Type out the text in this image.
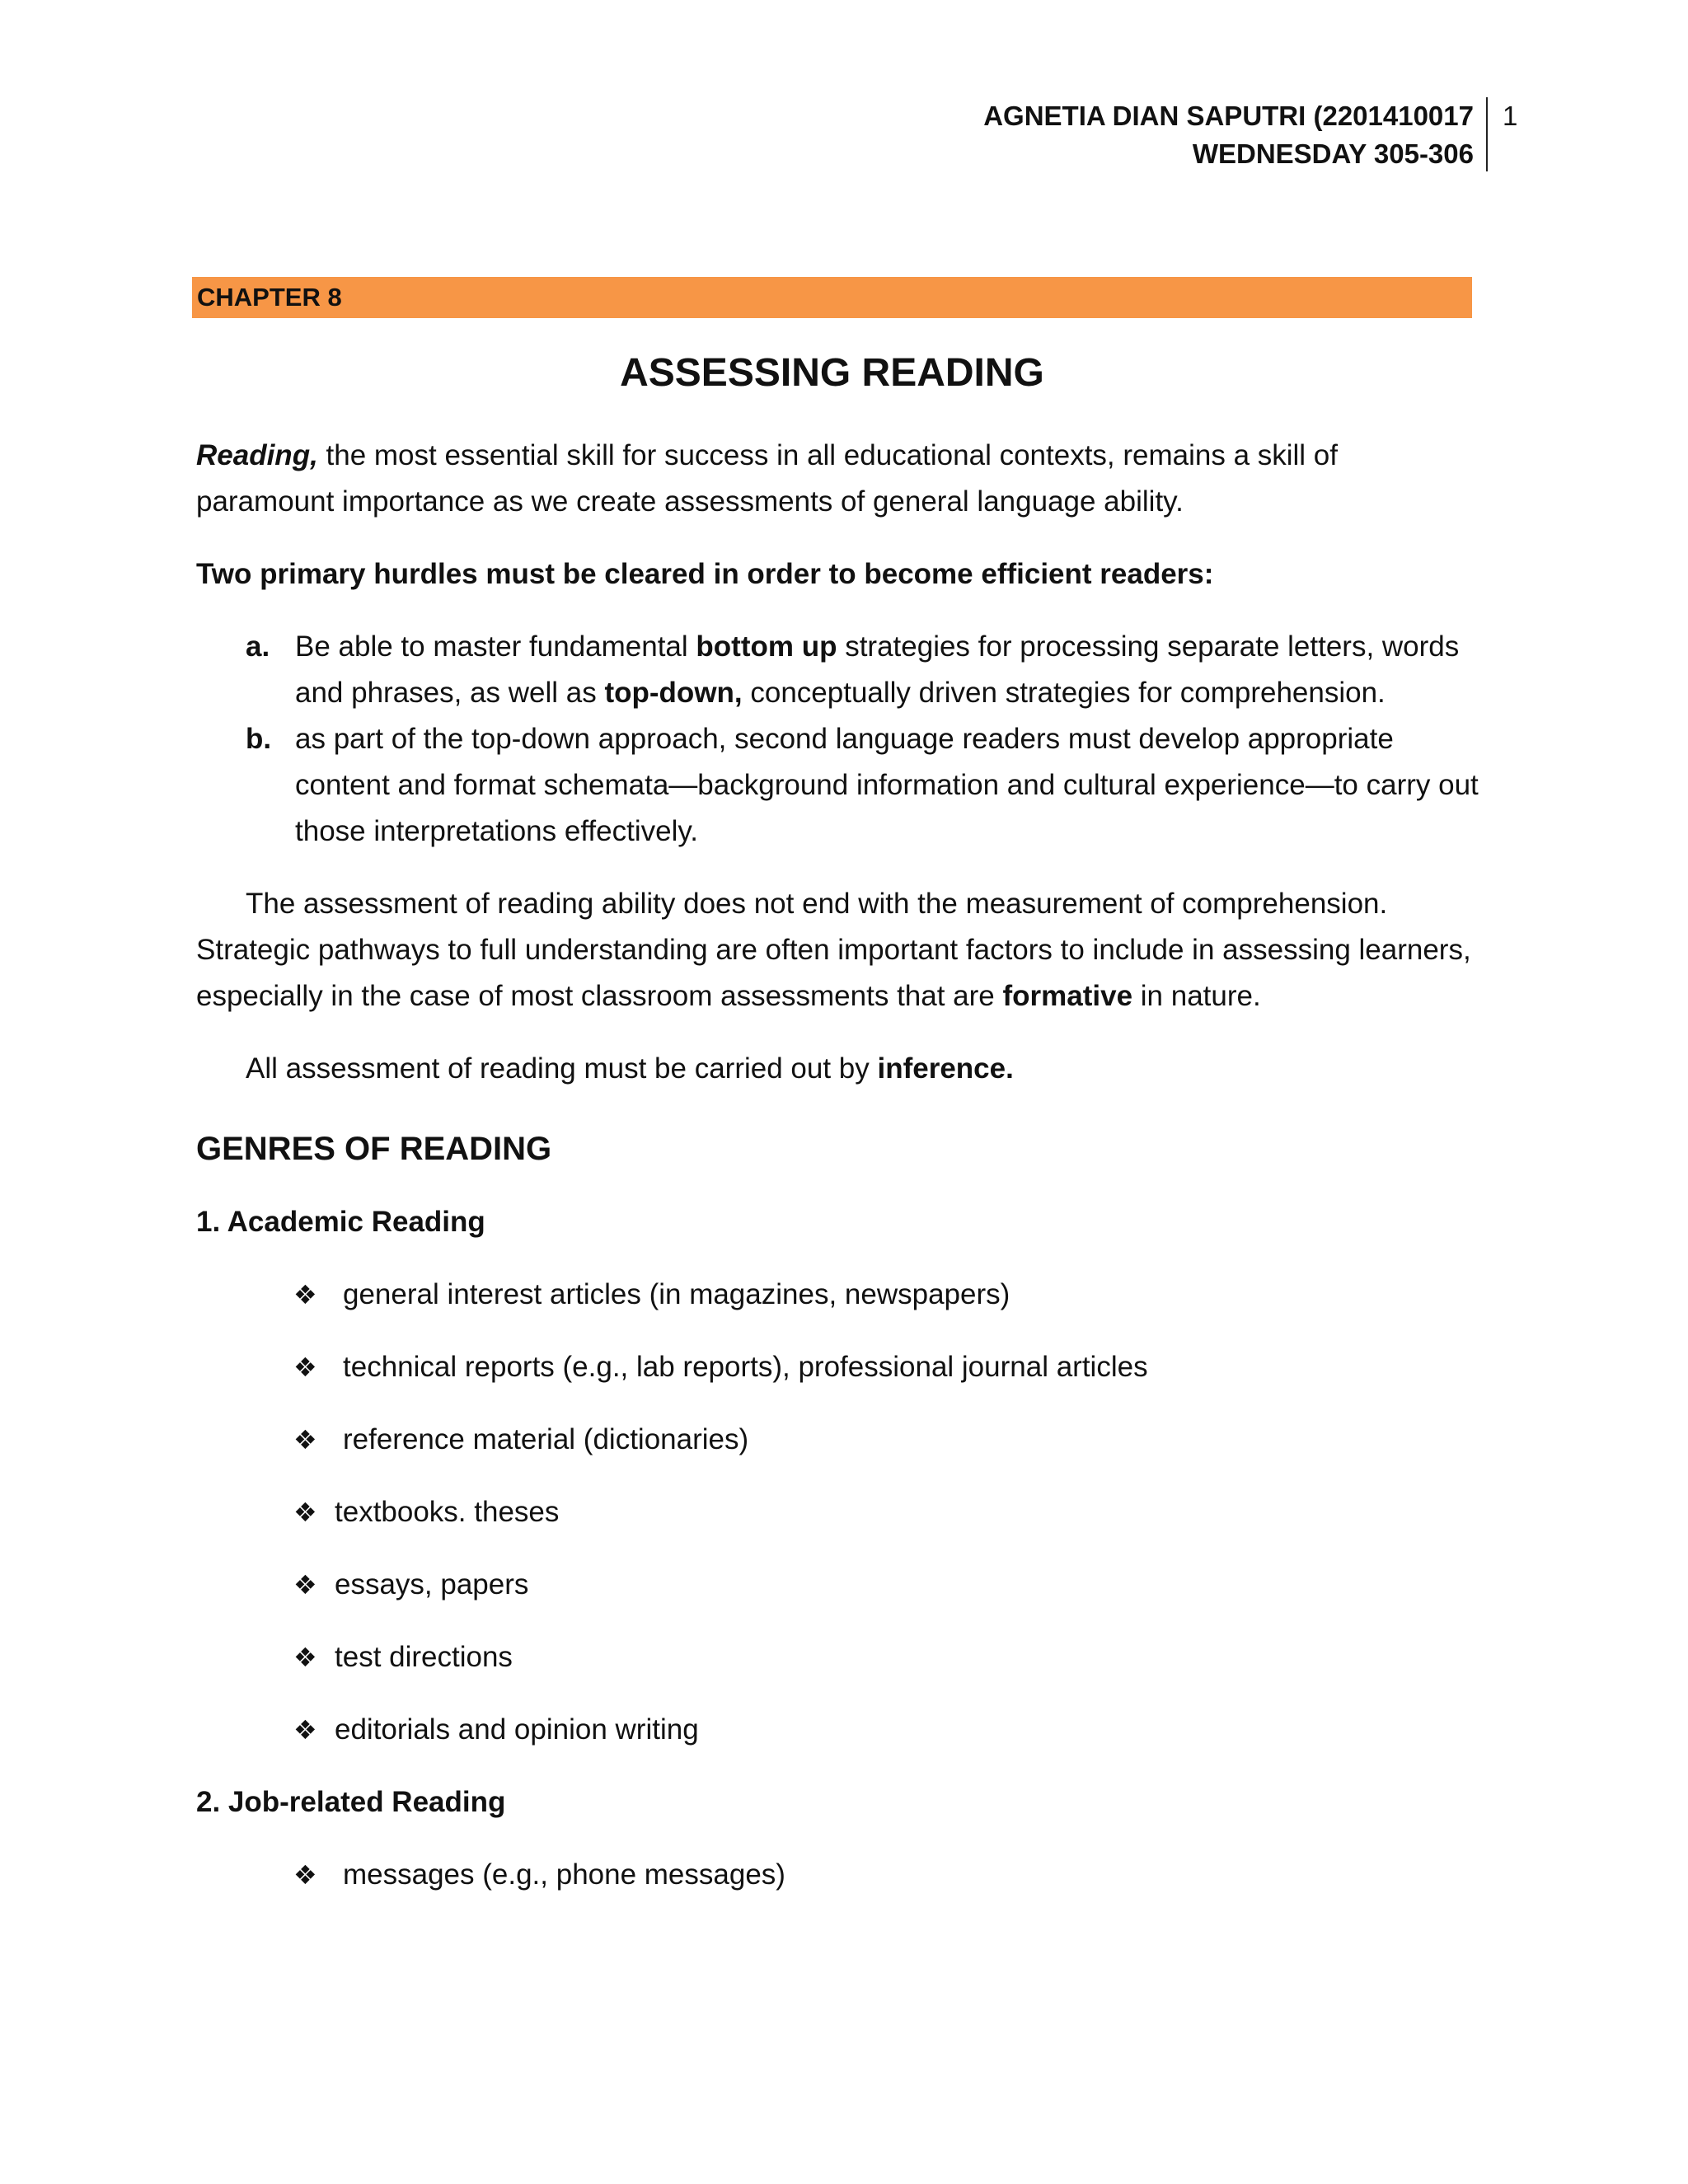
AGNETIA DIAN SAPUTRI (2201410017
WEDNESDAY 305-306
1
CHAPTER 8
ASSESSING READING

Reading, the most essential skill for success in all educational contexts, remains a skill of paramount importance as we create assessments of general language ability.

Two primary hurdles must be cleared in order to become efficient readers:

a. Be able to master fundamental bottom up strategies for processing separate letters, words and phrases, as well as top-down, conceptually driven strategies for comprehension.
b. as part of the top-down approach, second language readers must develop appropriate content and format schemata—background information and cultural experience—to carry out those interpretations effectively.

The assessment of reading ability does not end with the measurement of comprehension. Strategic pathways to full understanding are often important factors to include in assessing learners, especially in the case of most classroom assessments that are formative in nature.

All assessment of reading must be carried out by inference.

GENRES OF READING
1. Academic Reading
❖ general interest articles (in magazines, newspapers)
❖ technical reports (e.g., lab reports), professional journal articles
❖ reference material (dictionaries)
❖ textbooks. theses
❖ essays, papers
❖ test directions
❖ editorials and opinion writing
2. Job-related Reading
❖ messages (e.g., phone messages)
